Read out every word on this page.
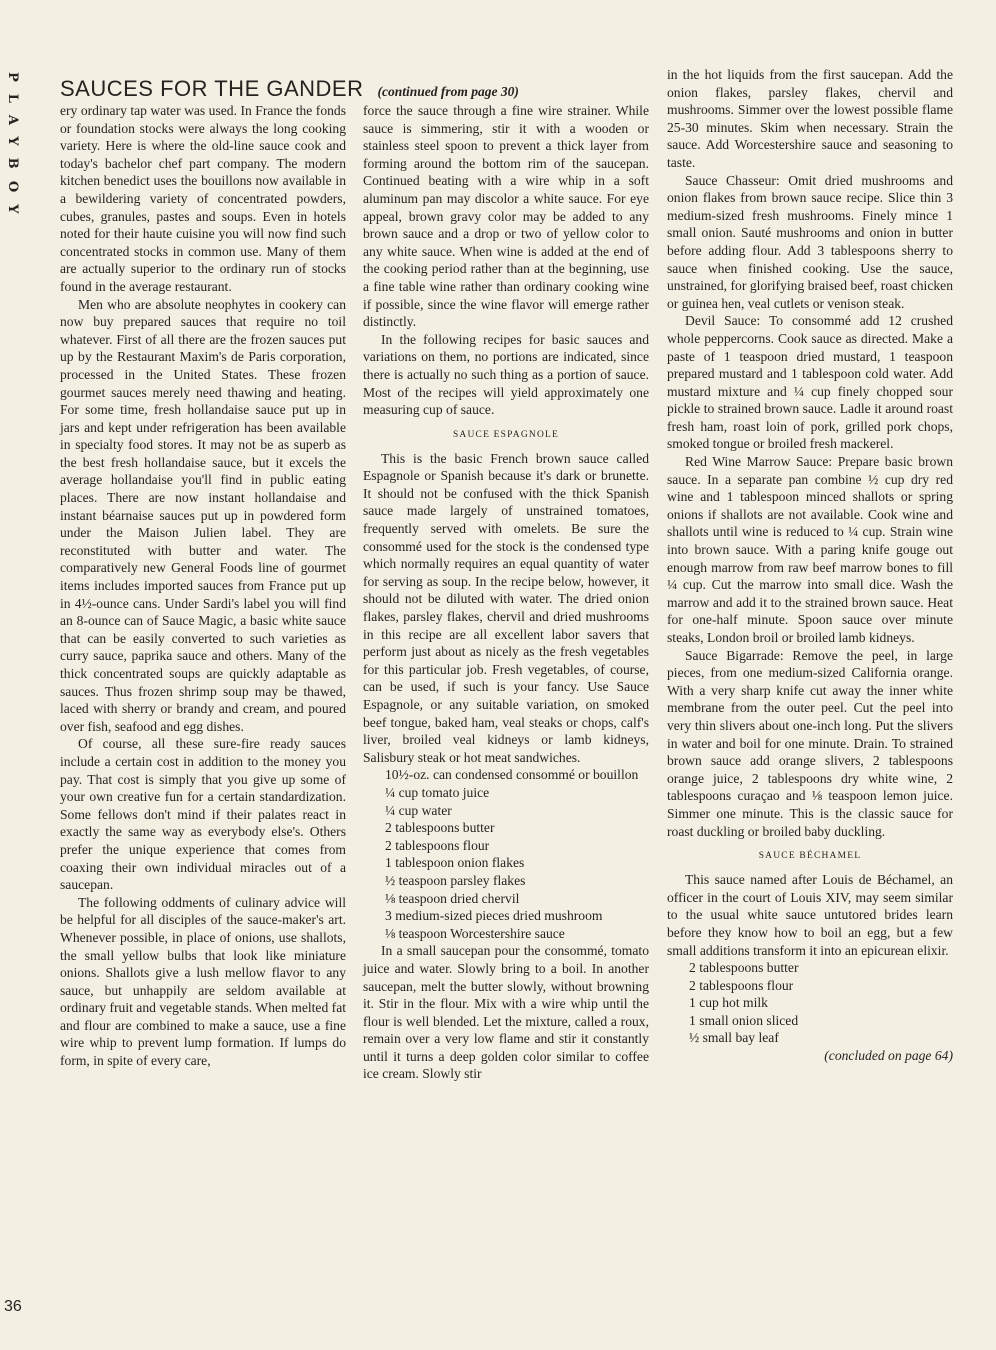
PLAYBOY
36
SAUCES FOR THE GANDER (continued from page 30)

ery ordinary tap water was used. In France the fonds or foundation stocks were always the long cooking variety. Here is where the old-line sauce cook and today's bachelor chef part company. The modern kitchen benedict uses the bouillons now available in a bewildering variety of concentrated powders, cubes, granules, pastes and soups. Even in hotels noted for their haute cuisine you will now find such concentrated stocks in common use. Many of them are actually superior to the ordinary run of stocks found in the average restaurant.

Men who are absolute neophytes in cookery can now buy prepared sauces that require no toil whatever. First of all there are the frozen sauces put up by the Restaurant Maxim's de Paris corporation, processed in the United States. These frozen gourmet sauces merely need thawing and heating. For some time, fresh hollandaise sauce put up in jars and kept under refrigeration has been available in specialty food stores. It may not be as superb as the best fresh hollandaise sauce, but it excels the average hollandaise you'll find in public eating places. There are now instant hollandaise and instant béarnaise sauces put up in powdered form under the Maison Julien label. They are reconstituted with butter and water. The comparatively new General Foods line of gourmet items includes imported sauces from France put up in 4½-ounce cans. Under Sardi's label you will find an 8-ounce can of Sauce Magic, a basic white sauce that can be easily converted to such varieties as curry sauce, paprika sauce and others. Many of the thick concentrated soups are quickly adaptable as sauces. Thus frozen shrimp soup may be thawed, laced with sherry or brandy and cream, and poured over fish, seafood and egg dishes.

Of course, all these sure-fire ready sauces include a certain cost in addition to the money you pay. That cost is simply that you give up some of your own creative fun for a certain standardization. Some fellows don't mind if their palates react in exactly the same way as everybody else's. Others prefer the unique experience that comes from coaxing their own individual miracles out of a saucepan.

The following oddments of culinary advice will be helpful for all disciples of the sauce-maker's art. Whenever possible, in place of onions, use shallots, the small yellow bulbs that look like miniature onions. Shallots give a lush mellow flavor to any sauce, but unhappily are seldom available at ordinary fruit and vegetable stands. When melted fat and flour are combined to make a sauce, use a fine wire whip to prevent lump formation. If lumps do form, in spite of every care,

force the sauce through a fine wire strainer. While sauce is simmering, stir it with a wooden or stainless steel spoon to prevent a thick layer from forming around the bottom rim of the saucepan. Continued beating with a wire whip in a soft aluminum pan may discolor a white sauce. For eye appeal, brown gravy color may be added to any brown sauce and a drop or two of yellow color to any white sauce. When wine is added at the end of the cooking period rather than at the beginning, use a fine table wine rather than ordinary cooking wine if possible, since the wine flavor will emerge rather distinctly.

In the following recipes for basic sauces and variations on them, no portions are indicated, since there is actually no such thing as a portion of sauce. Most of the recipes will yield approximately one measuring cup of sauce.

SAUCE ESPAGNOLE

This is the basic French brown sauce called Espagnole or Spanish because it's dark or brunette. It should not be confused with the thick Spanish sauce made largely of unstrained tomatoes, frequently served with omelets. Be sure the consommé used for the stock is the condensed type which normally requires an equal quantity of water for serving as soup. In the recipe below, however, it should not be diluted with water. The dried onion flakes, parsley flakes, chervil and dried mushrooms in this recipe are all excellent labor savers that perform just about as nicely as the fresh vegetables for this particular job. Fresh vegetables, of course, can be used, if such is your fancy. Use Sauce Espagnole, or any suitable variation, on smoked beef tongue, baked ham, veal steaks or chops, calf's liver, broiled veal kidneys or lamb kidneys, Salisbury steak or hot meat sandwiches.

10½-oz. can condensed consommé or bouillon
¼ cup tomato juice
¼ cup water
2 tablespoons butter
2 tablespoons flour
1 tablespoon onion flakes
½ teaspoon parsley flakes
⅛ teaspoon dried chervil
3 medium-sized pieces dried mushroom
⅛ teaspoon Worcestershire sauce

In a small saucepan pour the consommé, tomato juice and water. Slowly bring to a boil. In another saucepan, melt the butter slowly, without browning it. Stir in the flour. Mix with a wire whip until the flour is well blended. Let the mixture, called a roux, remain over a very low flame and stir it constantly until it turns a deep golden color similar to coffee ice cream. Slowly stir

in the hot liquids from the first saucepan. Add the onion flakes, parsley flakes, chervil and mushrooms. Simmer over the lowest possible flame 25-30 minutes. Skim when necessary. Strain the sauce. Add Worcestershire sauce and seasoning to taste.

Sauce Chasseur: Omit dried mushrooms and onion flakes from brown sauce recipe. Slice thin 3 medium-sized fresh mushrooms. Finely mince 1 small onion. Sauté mushrooms and onion in butter before adding flour. Add 3 tablespoons sherry to sauce when finished cooking. Use the sauce, unstrained, for glorifying braised beef, roast chicken or guinea hen, veal cutlets or venison steak.

Devil Sauce: To consommé add 12 crushed whole peppercorns. Cook sauce as directed. Make a paste of 1 teaspoon dried mustard, 1 teaspoon prepared mustard and 1 tablespoon cold water. Add mustard mixture and ¼ cup finely chopped sour pickle to strained brown sauce. Ladle it around roast fresh ham, roast loin of pork, grilled pork chops, smoked tongue or broiled fresh mackerel.

Red Wine Marrow Sauce: Prepare basic brown sauce. In a separate pan combine ½ cup dry red wine and 1 tablespoon minced shallots or spring onions if shallots are not available. Cook wine and shallots until wine is reduced to ¼ cup. Strain wine into brown sauce. With a paring knife gouge out enough marrow from raw beef marrow bones to fill ¼ cup. Cut the marrow into small dice. Wash the marrow and add it to the strained brown sauce. Heat for one-half minute. Spoon sauce over minute steaks, London broil or broiled lamb kidneys.

Sauce Bigarrade: Remove the peel, in large pieces, from one medium-sized California orange. With a very sharp knife cut away the inner white membrane from the outer peel. Cut the peel into very thin slivers about one-inch long. Put the slivers in water and boil for one minute. Drain. To strained brown sauce add orange slivers, 2 tablespoons orange juice, 2 tablespoons dry white wine, 2 tablespoons curaçao and ⅛ teaspoon lemon juice. Simmer one minute. This is the classic sauce for roast duckling or broiled baby duckling.

SAUCE BÉCHAMEL

This sauce named after Louis de Béchamel, an officer in the court of Louis XIV, may seem similar to the usual white sauce untutored brides learn before they know how to boil an egg, but a few small additions transform it into an epicurean elixir.

2 tablespoons butter
2 tablespoons flour
1 cup hot milk
1 small onion sliced
½ small bay leaf

(concluded on page 64)
